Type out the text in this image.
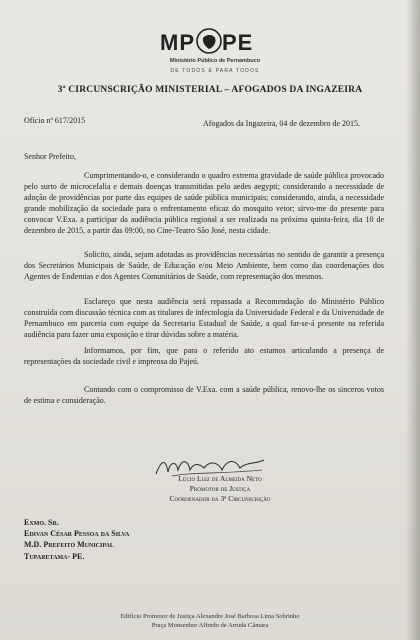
MP PE
Ministério Público de Pernambuco
DE TODOS E PARA TODOS
3ª CIRCUNSCRIÇÃO MINISTERIAL – AFOGADOS DA INGAZEIRA
Ofício nº 617/2015	Afogados da Ingazeira, 04 de dezembro de 2015.
Senhor Prefeito,

Cumprimentando-o, e considerando o quadro extrema gravidade de saúde pública provocado pelo surto de microcefalia e demais doenças transmitidas pelo aedes aegypti; considerando a necessidade de adoção de providências por parte das equipes de saúde pública municipais; considerando, ainda, a necessidade grande mobilização da sociedade para o enfrentamento eficaz do mosquito vetor; sirvo-me do presente para convocar V.Exa. a participar da audiência pública regional a ser realizada na próxima quinta-feira, dia 10 de dezembro de 2015, a partir das 09:00, no Cine-Teatro São José, nesta cidade.

Solicito, ainda, sejam adotadas as providências necessárias no sentido de garantir a presença dos Secretários Municipais de Saúde, de Educação e/ou Meio Ambiente, bem como das coordenações dos Agentes de Endemias e dos Agentes Comunitários de Saúde, com representação dos mesmos.

Esclareço que nesta audiência será repassada a Recomendação do Ministério Público construída com discussão técnica com as titulares de infectologia da Universidade Federal e da Universidade de Pernambuco em parceria com equipe da Secretaria Estadual de Saúde, a qual far-se-á presente na referida audiência para fazer uma exposição e tirar dúvidas sobre a matéria.

Informamos, por fim, que para o referido ato estamos articulando a presença de representações da sociedade civil e imprensa do Pajeú.

Contando com o compromisso de V.Exa. com a saúde pública, renovo-lhe os sinceros votos de estima e consideração.

Lúcio Luiz de Almeida Neto
Promotor de Justiça
Coordenador da 3ª Circunscrição
Exmo. Sr.
Edivan César Pessoa da Silva
M.D. Prefeito Municipal
Tuparetama- PE.
Edifício Promotor de Justiça Alexandre José Barbosa Lima Sobrinho
Praça Monsenhor Alfredo de Arruda Câmara
